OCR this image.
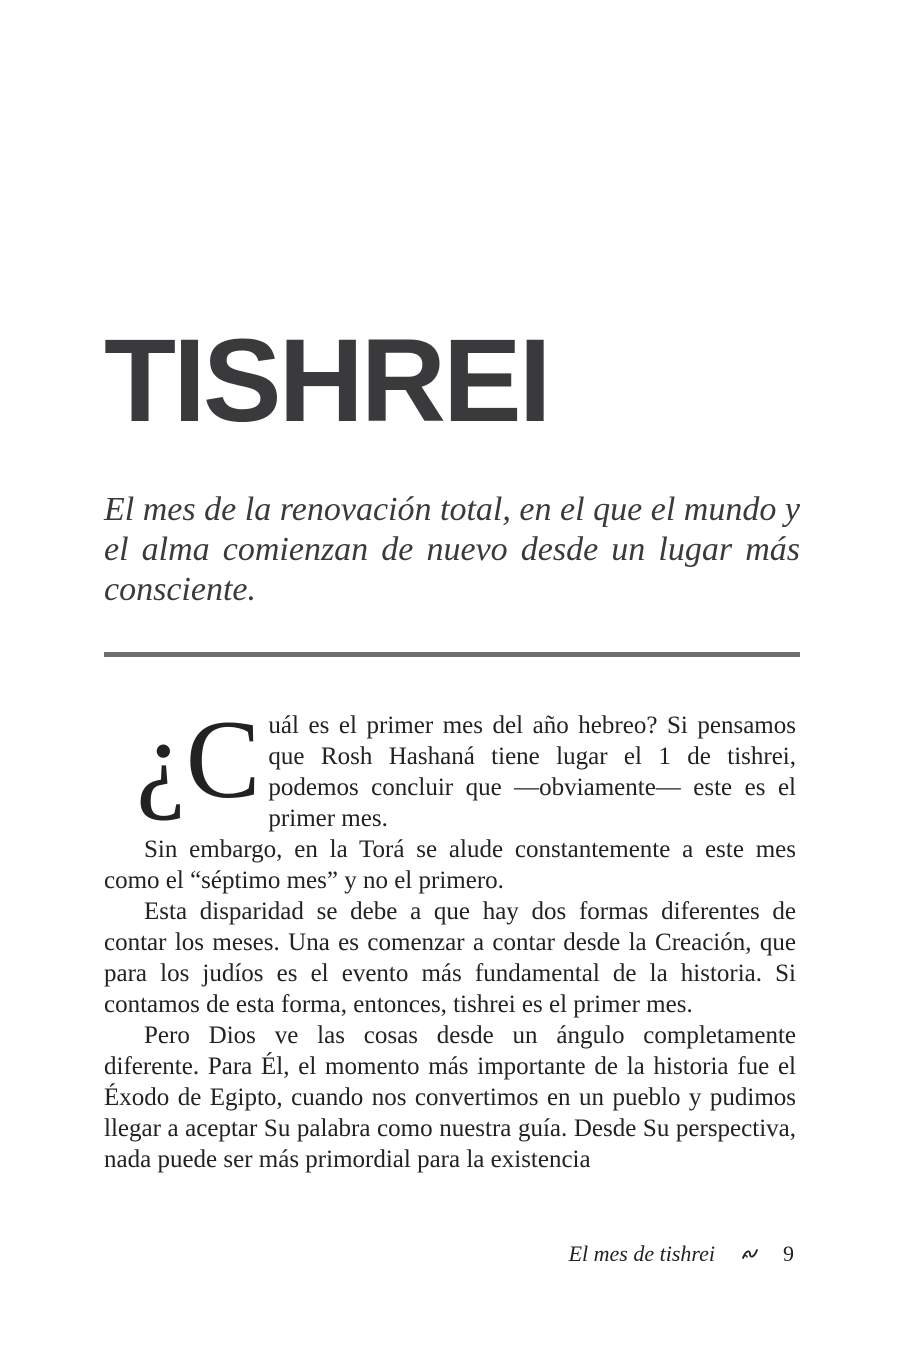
TISHREI

El mes de la renovación total, en el que el mundo y el alma comienzan de nuevo desde un lugar más consciente.

¿C uál es el primer mes del año hebreo? Si pensamos que Rosh Hashaná tiene lugar el 1 de tishrei, podemos concluir que —obviamente— este es el primer mes.

Sin embargo, en la Torá se alude constantemente a este mes como el “séptimo mes” y no el primero.

Esta disparidad se debe a que hay dos formas diferentes de contar los meses. Una es comenzar a contar desde la Creación, que para los judíos es el evento más fundamental de la historia. Si contamos de esta forma, entonces, tishrei es el primer mes.

Pero Dios ve las cosas desde un ángulo completamente diferente. Para Él, el momento más importante de la historia fue el Éxodo de Egipto, cuando nos convertimos en un pueblo y pudimos llegar a aceptar Su palabra como nuestra guía. Desde Su perspectiva, nada puede ser más primordial para la existencia

El mes de tishrei	9
